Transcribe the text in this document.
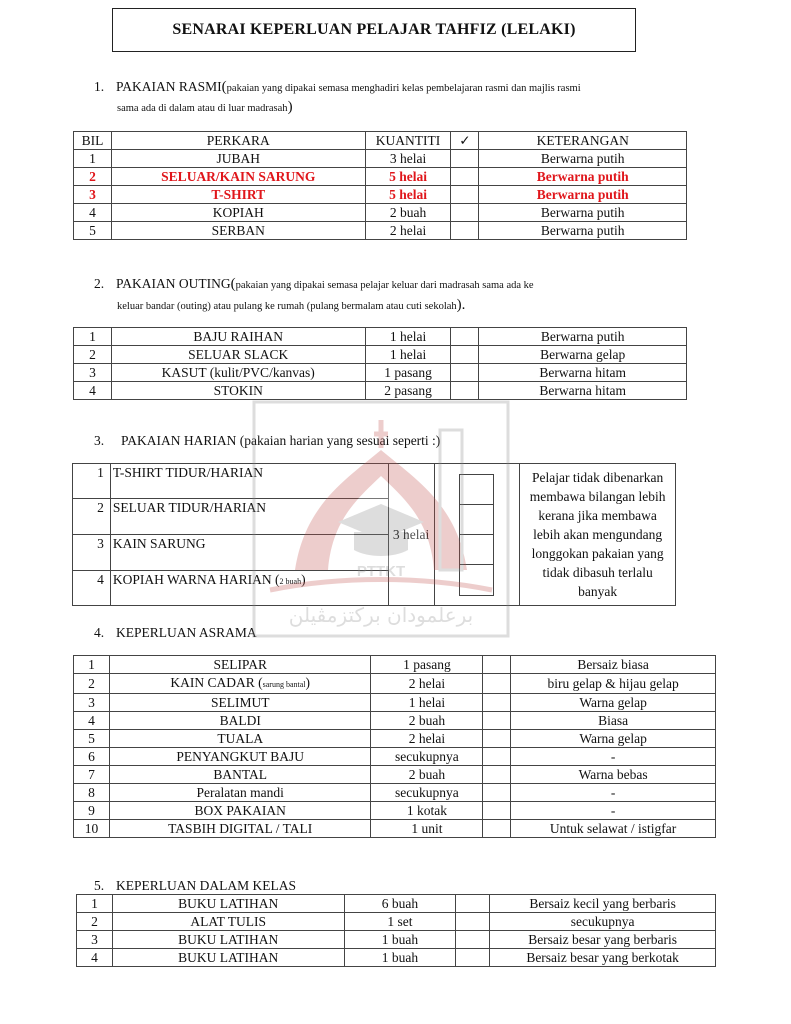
SENARAI KEPERLUAN PELAJAR TAHFIZ (LELAKI)
1. PAKAIAN RASMI(pakaian yang dipakai semasa menghadiri kelas pembelajaran rasmi dan majlis rasmi
sama ada di dalam atau di luar madrasah)
BIL	PERKARA	KUANTITI	✓	KETERANGAN
1	JUBAH	3 helai		Berwarna putih
2	SELUAR/KAIN SARUNG	5 helai		Berwarna putih
3	T-SHIRT	5 helai		Berwarna putih
4	KOPIAH	2 buah		Berwarna putih
5	SERBAN	2 helai		Berwarna putih
2. PAKAIAN OUTING(pakaian yang dipakai semasa pelajar keluar dari madrasah sama ada ke
keluar bandar (outing) atau pulang ke rumah (pulang bermalam atau cuti sekolah).
1	BAJU RAIHAN	1 helai		Berwarna putih
2	SELUAR SLACK	1 helai		Berwarna gelap
3	KASUT (kulit/PVC/kanvas)	1 pasang		Berwarna hitam
4	STOKIN	2 pasang		Berwarna hitam
3. PAKAIAN HARIAN (pakaian harian yang sesuai seperti :)
1	T-SHIRT TIDUR/HARIAN	3 helai		Pelajar tidak dibenarkan membawa bilangan lebih kerana jika membawa lebih akan mengundang longgokan pakaian yang tidak dibasuh terlalu banyak
2	SELUAR TIDUR/HARIAN			
3	KAIN SARUNG			
4	KOPIAH WARNA HARIAN (2 buah)			
4. KEPERLUAN ASRAMA
1	SELIPAR	1 pasang		Bersaiz biasa
2	KAIN CADAR (sarung bantal)	2 helai		biru gelap & hijau gelap
3	SELIMUT	1 helai		Warna gelap
4	BALDI	2 buah		Biasa
5	TUALA	2 helai		Warna gelap
6	PENYANGKUT BAJU	secukupnya		-
7	BANTAL	2 buah		Warna bebas
8	Peralatan mandi	secukupnya		-
9	BOX PAKAIAN	1 kotak		-
10	TASBIH DIGITAL / TALI	1 unit		Untuk selawat / istigfar
5. KEPERLUAN DALAM KELAS
1	BUKU LATIHAN	6 buah		Bersaiz kecil yang berbaris
2	ALAT TULIS	1 set		secukupnya
3	BUKU LATIHAN	1 buah		Bersaiz besar yang berbaris
4	BUKU LATIHAN	1 buah		Bersaiz besar yang berkotak
PTTKT
برعلمودان بركتزمڤيلن
